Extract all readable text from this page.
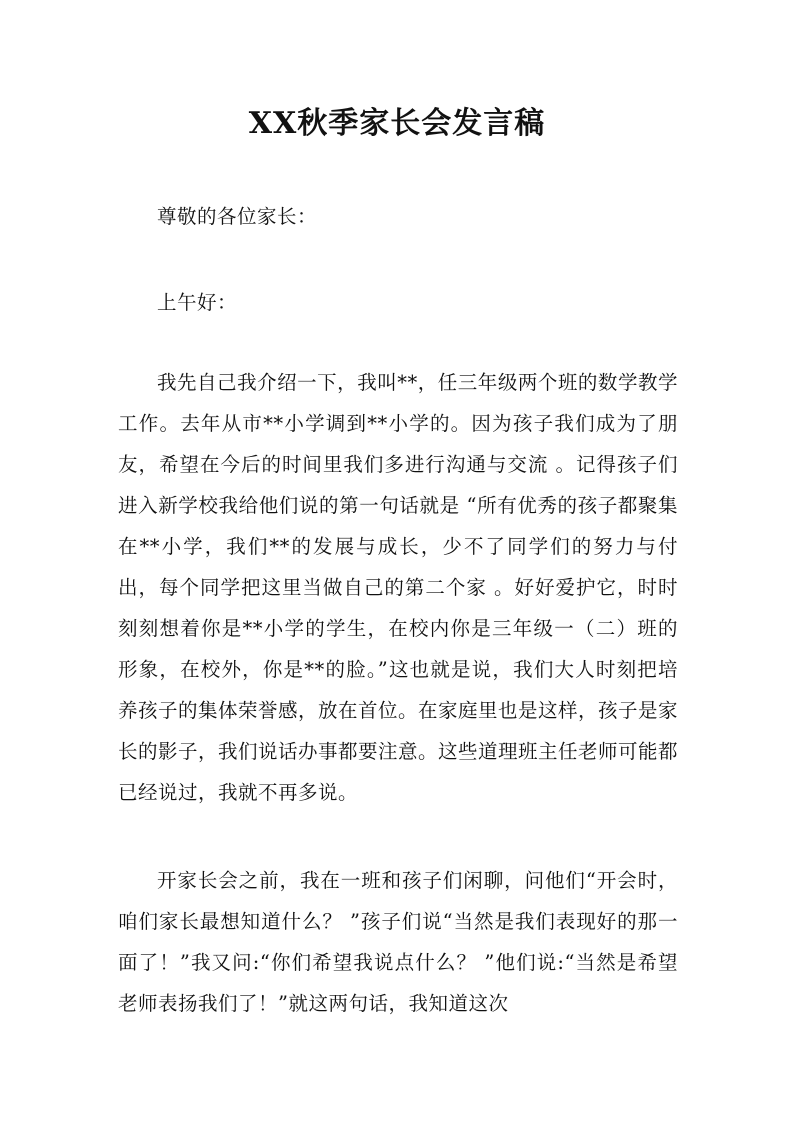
XX秋季家长会发言稿

尊敬的各位家长：

上午好：

我先自己我介绍一下，我叫**，任三年级两个班的数学教学工作。去年从市**小学调到**小学的。因为孩子我们成为了朋友，希望在今后的时间里我们多进行沟通与交流 。记得孩子们进入新学校我给他们说的第一句话就是 “所有优秀的孩子都聚集在**小学，我们**的发展与成长，少不了同学们的努力与付出，每个同学把这里当做自己的第二个家 。好好爱护它，时时刻刻想着你是**小学的学生，在校内你是三年级一（二）班的形象，在校外，你是**的脸。”这也就是说，我们大人时刻把培养孩子的集体荣誉感，放在首位。在家庭里也是这样，孩子是家长的影子，我们说话办事都要注意。这些道理班主任老师可能都已经说过，我就不再多说。

开家长会之前，我在一班和孩子们闲聊，问他们“开会时，咱们家长最想知道什么？ ”孩子们说“当然是我们表现好的那一面了！”我又问:“你们希望我说点什么？ ”他们说:“当然是希望老师表扬我们了！”就这两句话，我知道这次
